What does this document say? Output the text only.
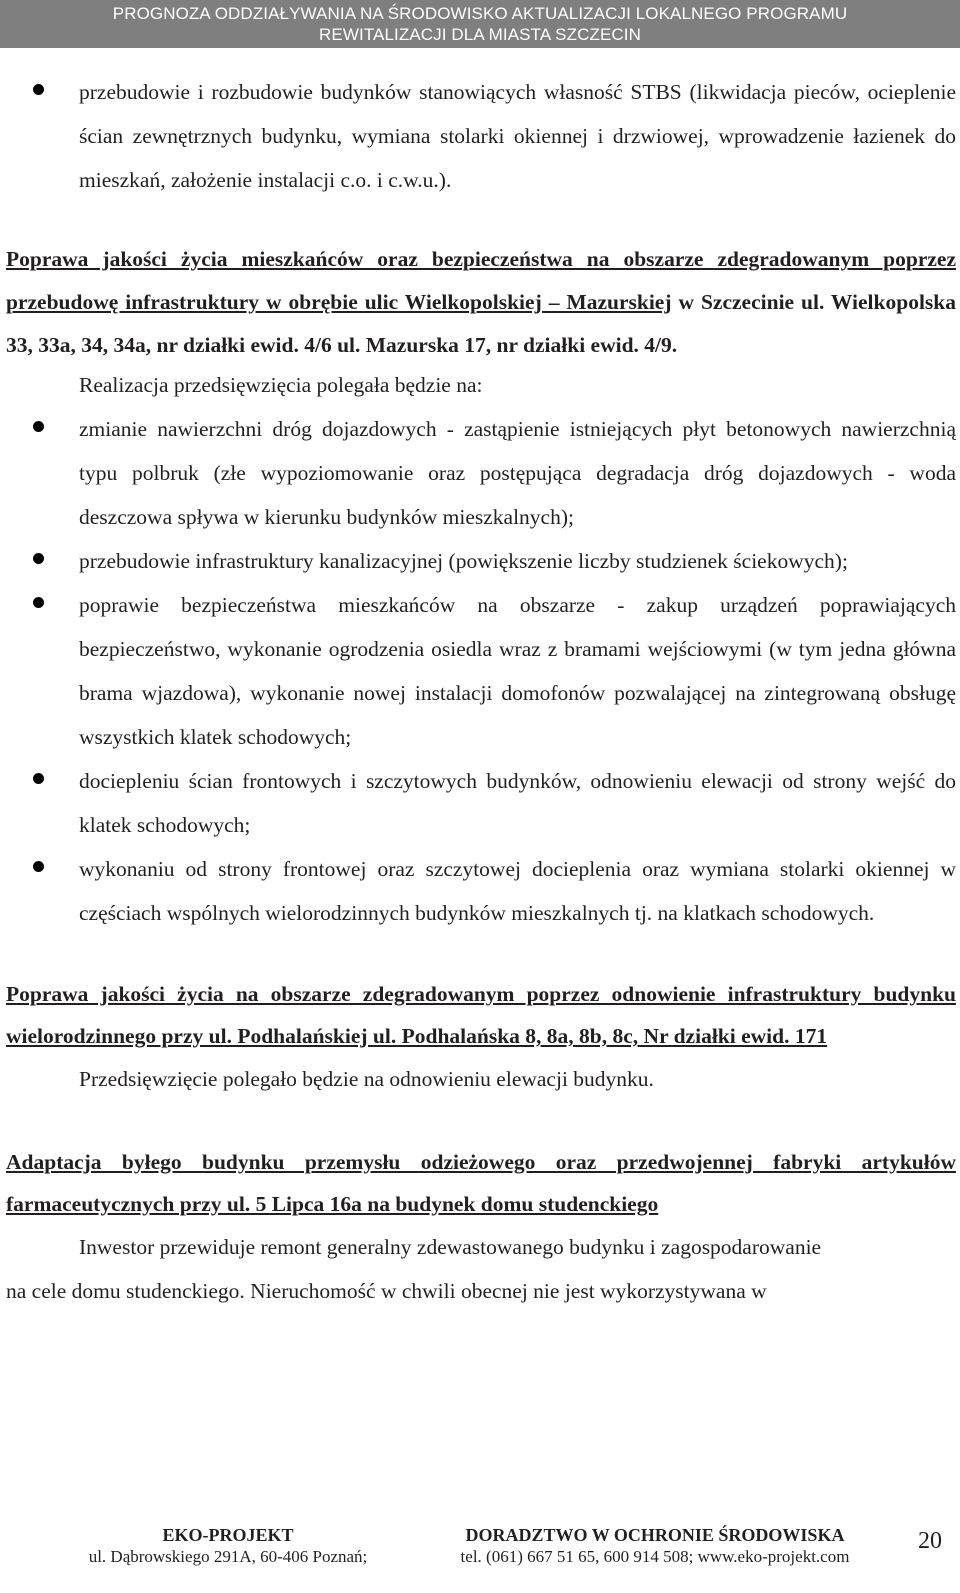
PROGNOZA ODDZIAŁYWANIA NA ŚRODOWISKO AKTUALIZACJI LOKALNEGO PROGRAMU
REWITALIZACJI DLA MIASTA SZCZECIN
przebudowie i rozbudowie budynków stanowiących własność STBS (likwidacja pieców, ocieplenie ścian zewnętrznych budynku, wymiana stolarki okiennej i drzwiowej, wprowadzenie łazienek do mieszkań, założenie instalacji c.o. i c.w.u.).

Poprawa jakości życia mieszkańców oraz bezpieczeństwa na obszarze zdegradowanym poprzez przebudowę infrastruktury w obrębie ulic Wielkopolskiej – Mazurskiej w Szczecinie ul. Wielkopolska 33, 33a, 34, 34a, nr działki ewid. 4/6 ul. Mazurska 17, nr działki ewid. 4/9.

Realizacja przedsięwzięcia polegała będzie na:

zmianie nawierzchni dróg dojazdowych - zastąpienie istniejących płyt betonowych nawierzchnią typu polbruk (złe wypoziomowanie oraz postępująca degradacja dróg dojazdowych - woda deszczowa spływa w kierunku budynków mieszkalnych);
przebudowie infrastruktury kanalizacyjnej (powiększenie liczby studzienek ściekowych);
poprawie bezpieczeństwa mieszkańców na obszarze - zakup urządzeń poprawiających bezpieczeństwo, wykonanie ogrodzenia osiedla wraz z bramami wejściowymi (w tym jedna główna brama wjazdowa), wykonanie nowej instalacji domofonów pozwalającej na zintegrowaną obsługę wszystkich klatek schodowych;
dociepleniu ścian frontowych i szczytowych budynków, odnowieniu elewacji od strony wejść do klatek schodowych;
wykonaniu od strony frontowej oraz szczytowej docieplenia oraz wymiana stolarki okiennej w częściach wspólnych wielorodzinnych budynków mieszkalnych tj. na klatkach schodowych.

Poprawa jakości życia na obszarze zdegradowanym poprzez odnowienie infrastruktury budynku wielorodzinnego przy ul. Podhalańskiej ul. Podhalańska 8, 8a, 8b, 8c, Nr działki ewid. 171

Przedsięwzięcie polegało będzie na odnowieniu elewacji budynku.

Adaptacja byłego budynku przemysłu odzieżowego oraz przedwojennej fabryki artykułów farmaceutycznych przy ul. 5 Lipca 16a na budynek domu studenckiego

Inwestor przewiduje remont generalny zdewastowanego budynku i zagospodarowanie

na cele domu studenckiego. Nieruchomość w chwili obecnej nie jest wykorzystywana w

EKO-PROJEKT
ul. Dąbrowskiego 291A, 60-406 Poznań;
DORADZTWO W OCHRONIE ŚRODOWISKA
tel. (061) 667 51 65, 600 914 508; www.eko-projekt.com
20
